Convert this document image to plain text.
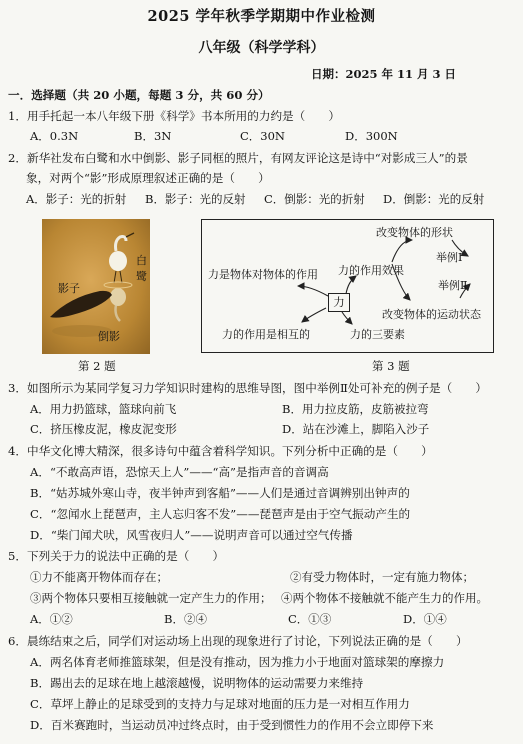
2025 学年秋季学期期中作业检测
八年级（科学学科）
日期：2025 年 11 月 3 日
一．选择题（共 20 小题，每题 3 分，共 60 分）
1．用手托起一本八年级下册《科学》书本所用的力约是（　　）
A．0.3N	B．3N	C．30N	D．300N
2．新华社发布白鹭和水中倒影、影子同框的照片，有网友评论这是诗中“对影成三人”的景
象，对两个“影”形成原理叙述正确的是（　　）
A．影子：光的折射 B．影子：光的反射 C．倒影：光的折射 D．倒影：光的反射
白鹭
影子
倒影
第 2 题
改变物体的形状
举例Ⅰ
举例Ⅱ
力的作用效果
力是物体对物体的作用
力
改变物体的运动状态
力的作用是相互的	力的三要素
第 3 题
3．如图所示为某同学复习力学知识时建构的思维导图，图中举例Ⅱ处可补充的例子是（　　）
A．用力扔篮球，篮球向前飞	B．用力拉皮筋，皮筋被拉弯
C．挤压橡皮泥，橡皮泥变形	D．站在沙滩上，脚陷入沙子
4．中华文化博大精深，很多诗句中蕴含着科学知识。下列分析中正确的是（　　）
A．“不敢高声语，恐惊天上人”——“高”是指声音的音调高
B．“姑苏城外寒山寺，夜半钟声到客船”——人们是通过音调辨别出钟声的
C．“忽闻水上琵琶声，主人忘归客不发”——琵琶声是由于空气振动产生的
D．“柴门闻犬吠，风雪夜归人”——说明声音可以通过空气传播
5．下列关于力的说法中正确的是（　　）
①力不能离开物体而存在；	②有受力物体时，一定有施力物体；
③两个物体只要相互接触就一定产生力的作用； ④两个物体不接触就不能产生力的作用。
A．①②	B．②④	C．①③	D．①④
6．晨练结束之后，同学们对运动场上出现的现象进行了讨论，下列说法正确的是（　　）
A．两名体育老师推篮球架，但是没有推动，因为推力小于地面对篮球架的摩擦力
B．踢出去的足球在地上越滚越慢，说明物体的运动需要力来维持
C．草坪上静止的足球受到的支持力与足球对地面的压力是一对相互作用力
D．百米赛跑时，当运动员冲过终点时，由于受到惯性力的作用不会立即停下来
